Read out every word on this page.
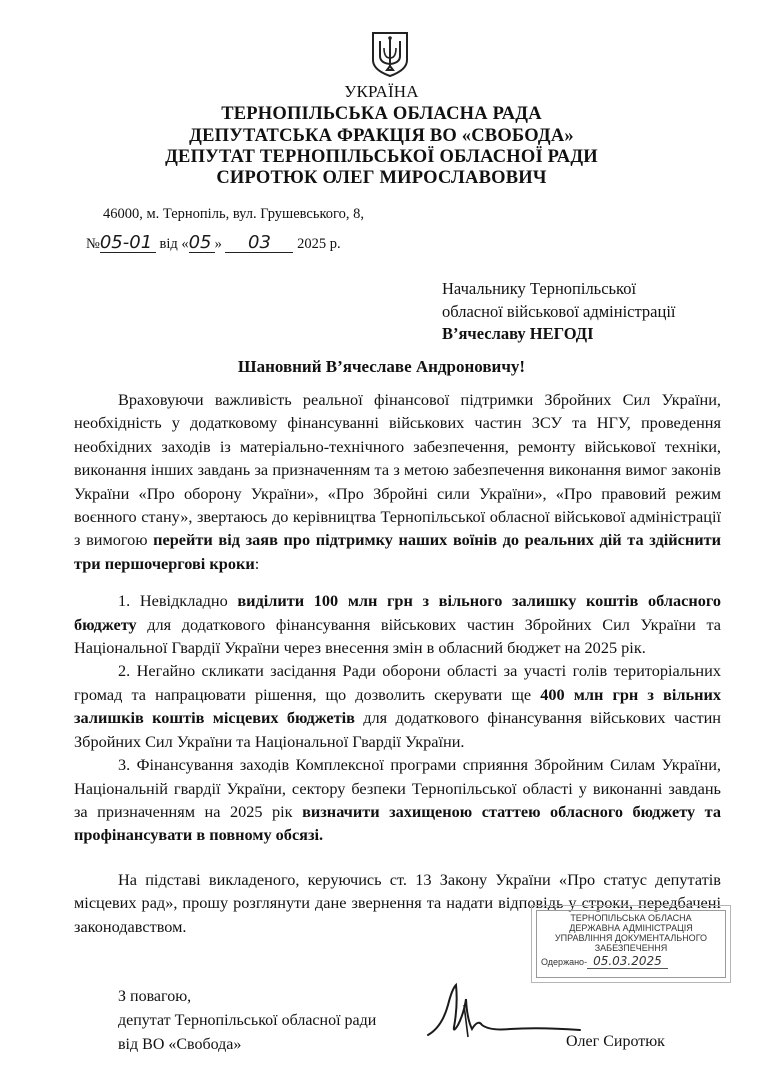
УКРАЇНА
ТЕРНОПІЛЬСЬКА ОБЛАСНА РАДА
ДЕПУТАТСЬКА ФРАКЦІЯ ВО «СВОБОДА»
ДЕПУТАТ ТЕРНОПІЛЬСЬКОЇ ОБЛАСНОЇ РАДИ
СИРОТЮК ОЛЕГ МИРОСЛАВОВИЧ
46000, м. Тернопіль, вул. Грушевського, 8,
№05-01 від «05 » 03 2025 р.
Начальнику Тернопільської
обласної військової адміністрації
В’ячеславу НЕГОДІ
Шановний В’ячеславе Андроновичу!

Враховуючи важливість реальної фінансової підтримки Збройних Сил України, необхідність у додатковому фінансуванні військових частин ЗСУ та НГУ, проведення необхідних заходів із матеріально-технічного забезпечення, ремонту військової техніки, виконання інших завдань за призначенням та з метою забезпечення виконання вимог законів України «Про оборону України», «Про Збройні сили України», «Про правовий режим воєнного стану», звертаюсь до керівництва Тернопільської обласної військової адміністрації з вимогою перейти від заяв про підтримку наших воїнів до реальних дій та здійснити три першочергові кроки:

1. Невідкладно виділити 100 млн грн з вільного залишку коштів обласного бюджету для додаткового фінансування військових частин Збройних Сил України та Національної Гвардії України через внесення змін в обласний бюджет на 2025 рік.

2. Негайно скликати засідання Ради оборони області за участі голів територіальних громад та напрацювати рішення, що дозволить скерувати ще 400 млн грн з вільних залишків коштів місцевих бюджетів для додаткового фінансування військових частин Збройних Сил України та Національної Гвардії України.

3. Фінансування заходів Комплексної програми сприяння Збройним Силам України, Національній гвардії України, сектору безпеки Тернопільської області у виконанні завдань за призначенням на 2025 рік визначити захищеною статтею обласного бюджету та профінансувати в повному обсязі.

На підставі викладеного, керуючись ст. 13 Закону України «Про статус депутатів місцевих рад», прошу розглянути дане звернення та надати відповідь у строки, передбачені законодавством.	ТЕРНОПІЛЬСЬКА ОБЛАСНА
ДЕРЖАВНА АДМІНІСТРАЦІЯ
УПРАВЛІННЯ ДОКУМЕНТАЛЬНОГО
ЗАБЕЗПЕЧЕННЯ
Одержано- 05.03.2025
З повагою,
депутат Тернопільської обласної ради
від ВО «Свобода»	Олег Сиротюк
